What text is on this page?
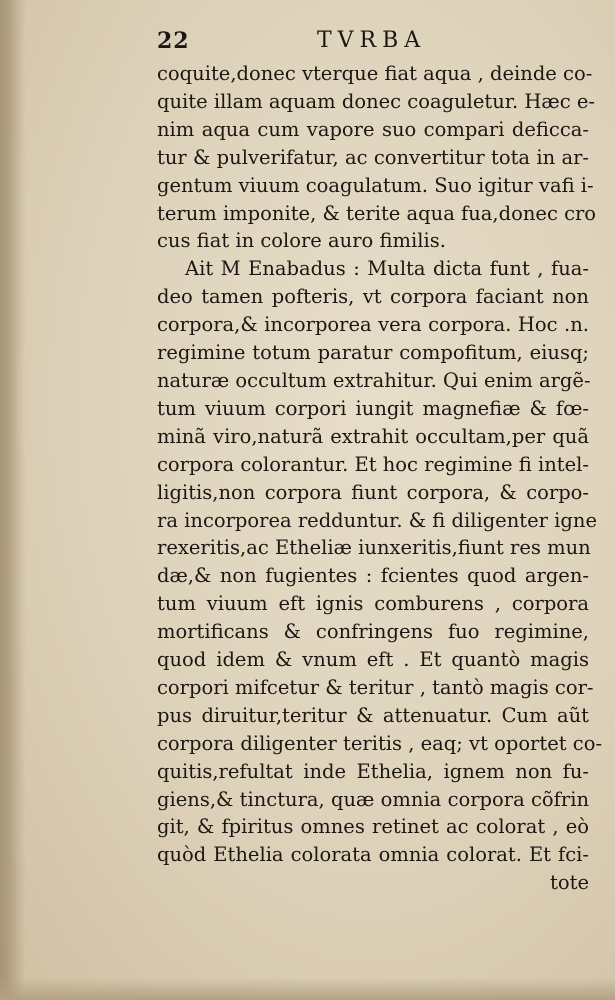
22	TVRBA
coquite,donec vterque fiat aqua , deinde co-
quite illam aquam donec coaguletur. Hæc e-
nim aqua cum vapore suo compari deficca-
tur & pulverifatur, ac convertitur tota in ar-
gentum viuum coagulatum. Suo igitur vafi i-
terum imponite, & terite aqua fua,donec cro
cus fiat in colore auro fimilis.
Ait M Enabadus : Multa dicta funt , fua-
deo tamen pofteris, vt corpora faciant non
corpora,& incorporea vera corpora. Hoc .n.
regimine totum paratur compofitum, eiusq;
naturæ occultum extrahitur. Qui enim argẽ-
tum viuum corpori iungit magnefiæ & fœ-
minã viro,naturã extrahit occultam,per quã
corpora colorantur. Et hoc regimine fi intel-
ligitis,non corpora fiunt corpora, & corpo-
ra incorporea redduntur. & fi diligenter igne
rexeritis,ac Etheliæ iunxeritis,fiunt res mun
dæ,& non fugientes : fcientes quod argen-
tum viuum eft ignis comburens , corpora
mortificans & confringens fuo regimine,
quod idem & vnum eft . Et quantò magis
corpori mifcetur & teritur , tantò magis cor-
pus diruitur,teritur & attenuatur. Cum aũt
corpora diligenter teritis , eaq; vt oportet co-
quitis,refultat inde Ethelia, ignem non fu-
giens,& tinctura, quæ omnia corpora cõfrin
git, & fpiritus omnes retinet ac colorat , eò
quòd Ethelia colorata omnia colorat. Et fci-
tote
